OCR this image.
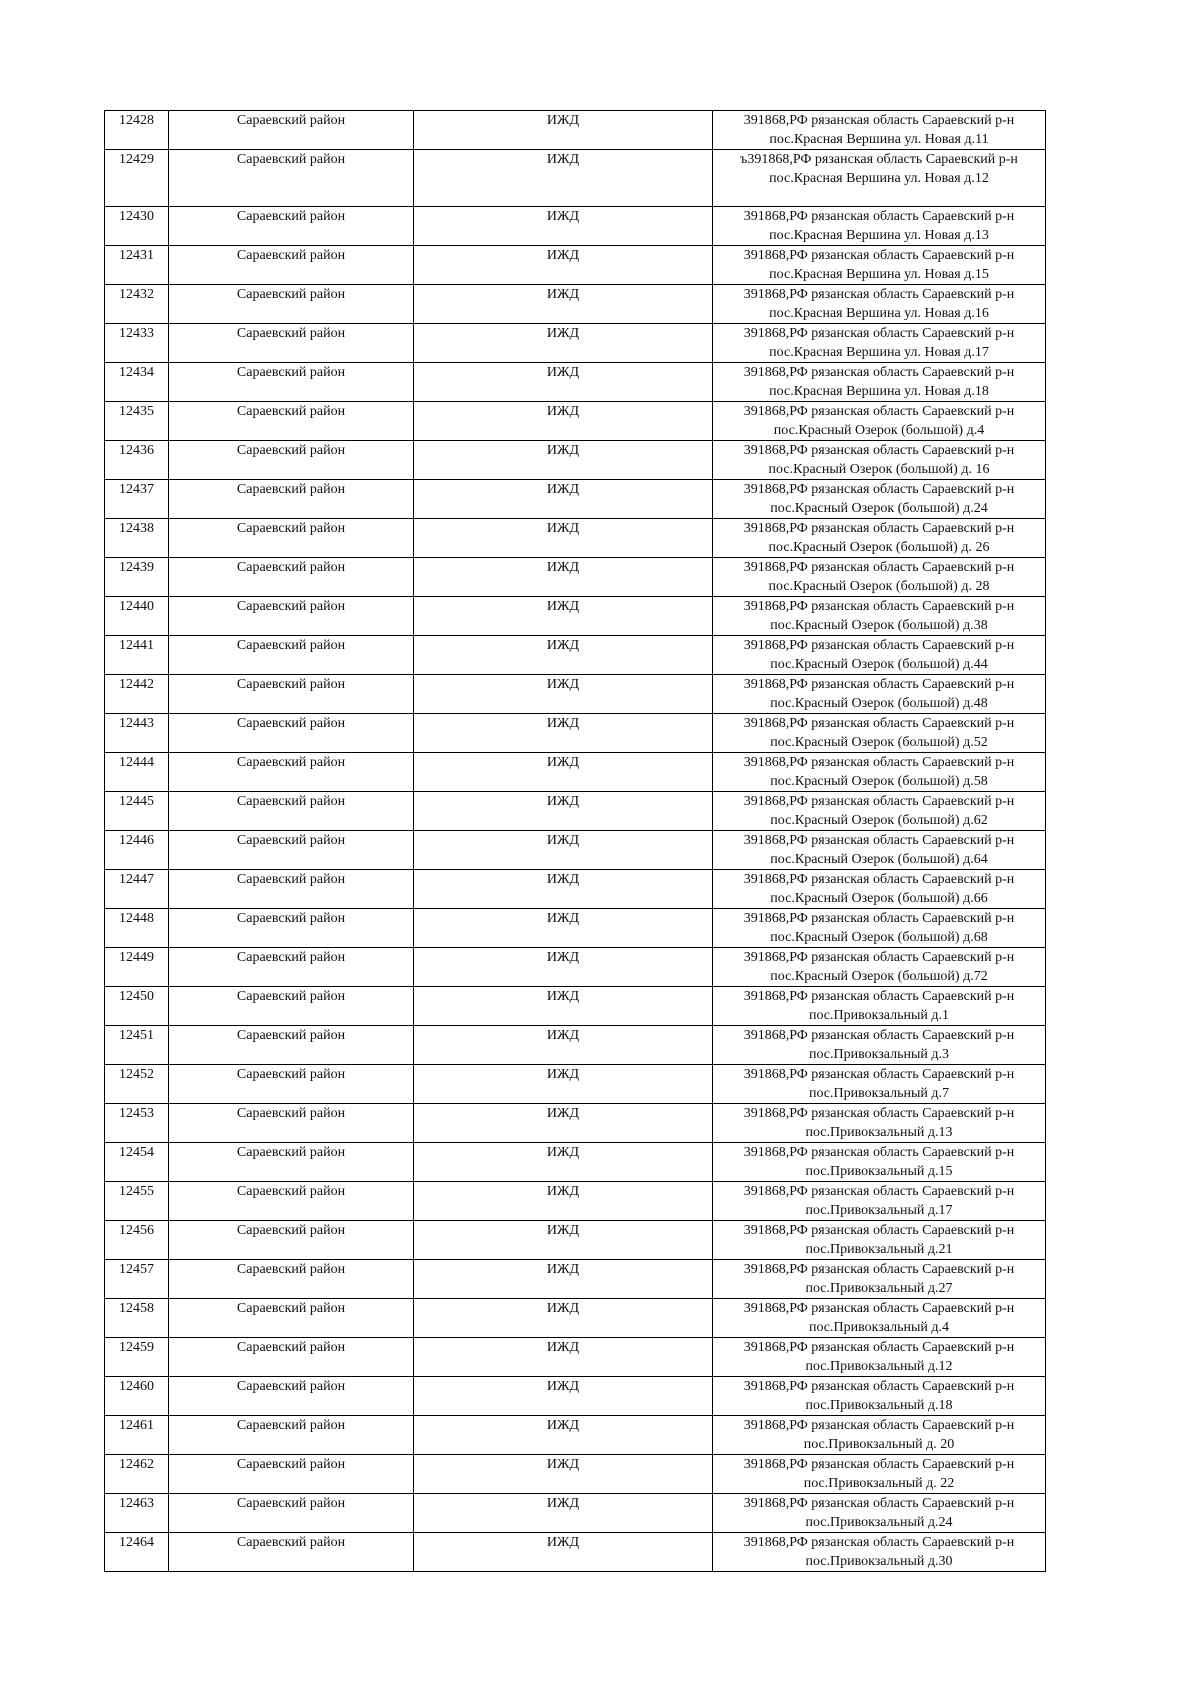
12428	Сараевский район	ИЖД	391868,РФ рязанская область Сараевский р-н
пос.Красная Вершина ул. Новая д.11

12429	Сараевский район	ИЖД	ъ391868,РФ рязанская область Сараевский р-н
пос.Красная Вершина ул. Новая д.12

12430	Сараевский район	ИЖД	391868,РФ рязанская область Сараевский р-н
пос.Красная Вершина ул. Новая д.13

12431	Сараевский район	ИЖД	391868,РФ рязанская область Сараевский р-н
пос.Красная Вершина ул. Новая д.15

12432	Сараевский район	ИЖД	391868,РФ рязанская область Сараевский р-н
пос.Красная Вершина ул. Новая д.16

12433	Сараевский район	ИЖД	391868,РФ рязанская область Сараевский р-н
пос.Красная Вершина ул. Новая д.17

12434	Сараевский район	ИЖД	391868,РФ рязанская область Сараевский р-н
пос.Красная Вершина ул. Новая д.18

12435	Сараевский район	ИЖД	391868,РФ рязанская область Сараевский р-н
пос.Красный Озерок (большой) д.4

12436	Сараевский район	ИЖД	391868,РФ рязанская область Сараевский р-н
пос.Красный Озерок (большой) д. 16

12437	Сараевский район	ИЖД	391868,РФ рязанская область Сараевский р-н
пос.Красный Озерок (большой) д.24

12438	Сараевский район	ИЖД	391868,РФ рязанская область Сараевский р-н
пос.Красный Озерок (большой) д. 26

12439	Сараевский район	ИЖД	391868,РФ рязанская область Сараевский р-н
пос.Красный Озерок (большой) д. 28

12440	Сараевский район	ИЖД	391868,РФ рязанская область Сараевский р-н
пос.Красный Озерок (большой) д.38

12441	Сараевский район	ИЖД	391868,РФ рязанская область Сараевский р-н
пос.Красный Озерок (большой) д.44

12442	Сараевский район	ИЖД	391868,РФ рязанская область Сараевский р-н
пос.Красный Озерок (большой) д.48

12443	Сараевский район	ИЖД	391868,РФ рязанская область Сараевский р-н
пос.Красный Озерок (большой) д.52

12444	Сараевский район	ИЖД	391868,РФ рязанская область Сараевский р-н
пос.Красный Озерок (большой) д.58

12445	Сараевский район	ИЖД	391868,РФ рязанская область Сараевский р-н
пос.Красный Озерок (большой) д.62

12446	Сараевский район	ИЖД	391868,РФ рязанская область Сараевский р-н
пос.Красный Озерок (большой) д.64

12447	Сараевский район	ИЖД	391868,РФ рязанская область Сараевский р-н
пос.Красный Озерок (большой) д.66

12448	Сараевский район	ИЖД	391868,РФ рязанская область Сараевский р-н
пос.Красный Озерок (большой) д.68

12449	Сараевский район	ИЖД	391868,РФ рязанская область Сараевский р-н
пос.Красный Озерок (большой) д.72

12450	Сараевский район	ИЖД	391868,РФ рязанская область Сараевский р-н
пос.Привокзальный д.1

12451	Сараевский район	ИЖД	391868,РФ рязанская область Сараевский р-н
пос.Привокзальный д.3

12452	Сараевский район	ИЖД	391868,РФ рязанская область Сараевский р-н
пос.Привокзальный д.7

12453	Сараевский район	ИЖД	391868,РФ рязанская область Сараевский р-н
пос.Привокзальный д.13

12454	Сараевский район	ИЖД	391868,РФ рязанская область Сараевский р-н
пос.Привокзальный д.15

12455	Сараевский район	ИЖД	391868,РФ рязанская область Сараевский р-н
пос.Привокзальный д.17

12456	Сараевский район	ИЖД	391868,РФ рязанская область Сараевский р-н
пос.Привокзальный д.21

12457	Сараевский район	ИЖД	391868,РФ рязанская область Сараевский р-н
пос.Привокзальный д.27

12458	Сараевский район	ИЖД	391868,РФ рязанская область Сараевский р-н
пос.Привокзальный д.4

12459	Сараевский район	ИЖД	391868,РФ рязанская область Сараевский р-н
пос.Привокзальный д.12

12460	Сараевский район	ИЖД	391868,РФ рязанская область Сараевский р-н
пос.Привокзальный д.18

12461	Сараевский район	ИЖД	391868,РФ рязанская область Сараевский р-н
пос.Привокзальный д. 20

12462	Сараевский район	ИЖД	391868,РФ рязанская область Сараевский р-н
пос.Привокзальный д. 22

12463	Сараевский район	ИЖД	391868,РФ рязанская область Сараевский р-н
пос.Привокзальный д.24

12464	Сараевский район	ИЖД	391868,РФ рязанская область Сараевский р-н
пос.Привокзальный д.30
